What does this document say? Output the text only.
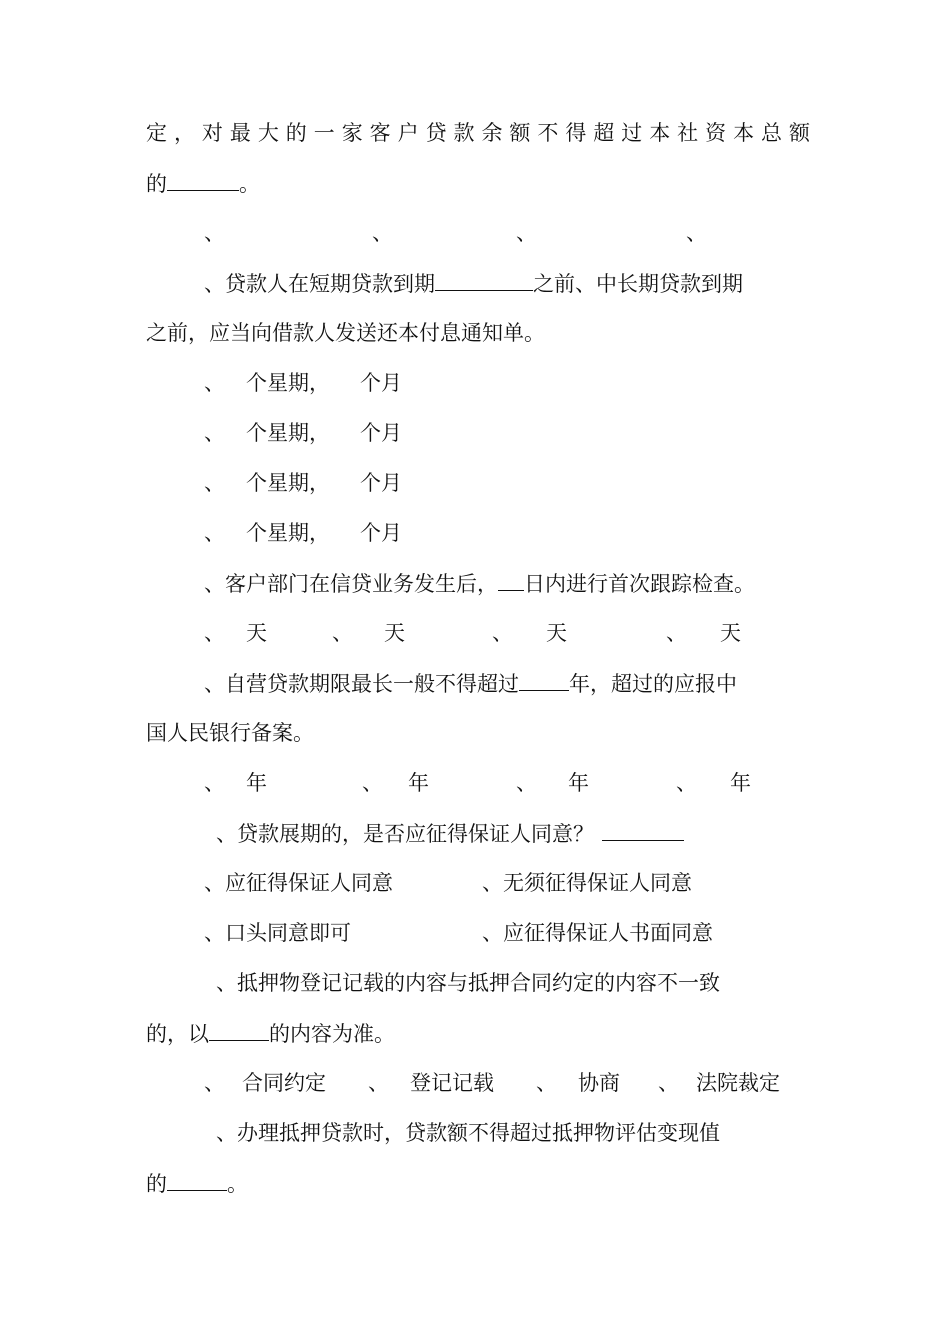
定，对最大的一家客户贷款余额不得超过本社资本总额
的	。
、	、	、	、
、贷款人在短期贷款到期	之前、中长期贷款到期
之前，应当向借款人发送还本付息通知单。
、 个星期， 个月
、 个星期， 个月
、 个星期， 个月
、 个星期， 个月
、客户部门在信贷业务发生后， 日内进行首次跟踪检查。
、 天	、 天	、 天	、 天
、自营贷款期限最长一般不得超过 年，超过的应报中
国人民银行备案。
、 年	、 年	、 年	、 年
、贷款展期的，是否应征得保证人同意？
、应征得保证人同意	、无须征得保证人同意
、口头同意即可	、应征得保证人书面同意
、抵押物登记记载的内容与抵押合同约定的内容不一致
的，以	的内容为准。
、 合同约定 、 登记记载 、 协商 、 法院裁定
、办理抵押贷款时，贷款额不得超过抵押物评估变现值
的	。
